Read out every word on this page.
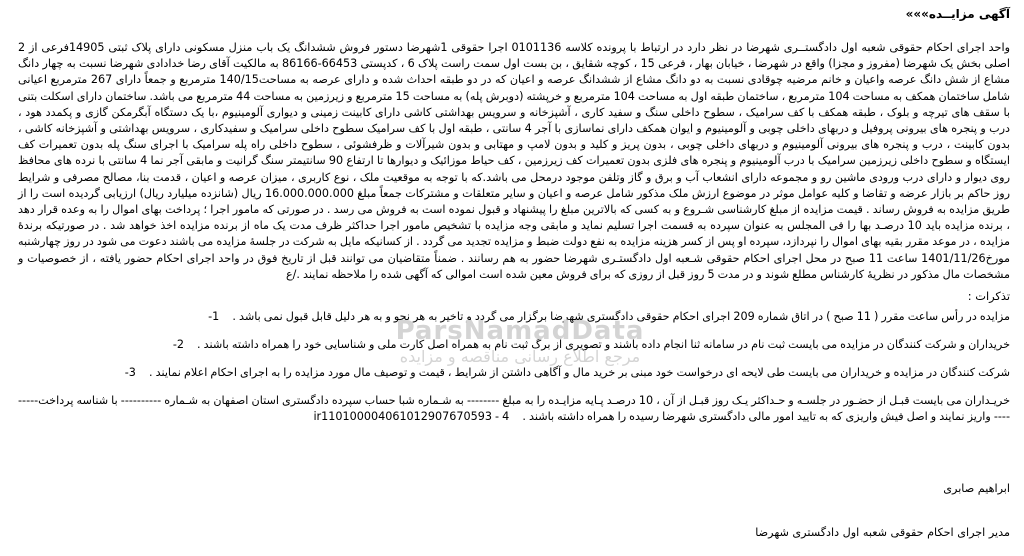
آگهی مزایــده»»»
واحد اجرای احکام حقوقی شعبه اول دادگستــری شهرضا در نظر دارد در ارتباط با پرونده کلاسه 0101136 اجرا حقوقی 1شهرضا دستور فروش ششدانگ یک باب منزل مسکونی دارای پلاک ثبتی 14905فرعی از 2 اصلی بخش یک شهرضا (مفروز و مجزا) واقع در شهرضا ، خیابان بهار ، فرعی 15 ، کوچه شقایق ، بن بست اول سمت راست پلاک 6 ، کدپستی 66453-86166 به مالکیت آقای رضا خدادادی شهرضا نسبت به چهار دانگ مشاع از شش دانگ عرصه واعیان و خانم مرضیه چوقادی نسبت به دو دانگ مشاع از ششدانگ عرصه و اعیان که در دو طبقه احداث شده و دارای عرصه به مساحت140/15 مترمربع و جمعاً دارای 267 مترمربع اعیانی شامل ساختمان همکف به مساحت 104 مترمربع ، ساختمان طبقه اول به مساحت 104 مترمربع و خرپشته (دوبرش پله) به مساحت 15 مترمربع و زیرزمین به مساحت 44 مترمربع می باشد. ساختمان دارای اسکلت بتنی با سقف های تیرچه و بلوک ، طبقه همکف با کف سرامیک ، سطوح داخلی سنگ و سفید کاری ، آشپزخانه و سرویس بهداشتی کاشی دارای کابینت زمینی و دیواری آلومینیوم ،با یک دستگاه آبگرمکن گازی و پکمدد هود ، درب و پنجره های بیرونی پروفیل و دربهای داخلی چوبی و آلومینیوم و ایوان همکف دارای نماسازی با آجر 4 سانتی ، طبقه اول با کف سرامیک سطوح داخلی سرامیک و سفیدکاری ، سرویس بهداشتی و آشپزخانه کاشی ، بدون کابینت ، درب و پنجره های بیرونی آلومینیوم و دربهای داخلی چوبی ، بدون پریز و کلید و بدون لامپ و مهتابی و بدون شیرآلات و ظرفشوئی ، سطوح داخلی راه پله سرامیک با اجرای سنگ پله بدون تعمیرات کف ایستگاه و سطوح داخلی زیرزمین سرامیک با درب آلومینیوم و پنجره های فلزی بدون تعمیرات کف زیرزمین ، کف حیاط موزائیک و دیوارها تا ارتفاع 90 سانتیمتر سنگ گرانیت و مابقی آجر نما 4 سانتی با نرده های محافظ روی دیوار و دارای درب ورودی ماشین رو و مجموعه دارای انشعاب آب و برق و گاز وتلفن موجود درمحل می باشد.که با توجه به موقعیت ملک ، نوع کاربری ، میزان عرصه و اعیان ، قدمت بنا، مصالح مصرفی و شرایط روز حاکم بر بازار عرضه و تقاضا و کلیه عوامل موثر در موضوع ارزش ملک مذکور شامل عرصه و اعیان و سایر متعلقات و مشترکات جمعاً مبلغ 16.000.000.000 ریال (شانزده میلیارد ریال) ارزیابی گردیده است را از طریق مزایده به فروش رساند . قیمت مزایده از مبلغ کارشناسی شـروع و به کسی که بالاترین مبلغ را پیشنهاد و قبول نموده است به فروش می رسد . در صورتی که مامور اجرا ؛ پرداخت بهای اموال را به وعده قرار دهد ، برنده مزایده باید 10 درصـد بها را فی المجلس به عنوان سپرده به قسمت اجرا تسلیم نماید و مابقی وجه مزایده با تشخیص مامور اجرا حداکثر ظرف مدت یک ماه از برنده مزایده اخذ خواهد شد . در صورتیکه برندۀ مزایده ، در موعد مقرر بقیه بهای اموال را نپردازد، سپرده او پس از کسر هزینه مزایده به نفع دولت ضبط و مزایده تجدید می گردد . از کسانیکه مایل به شرکت در جلسۀ مزایده می باشند دعوت می شود در روز چهارشنبه مورخ1401/11/26 ساعت 11 صبح در محل اجرای احکام حقوقی شـعبه اول دادگستـری شهرضا حضور به هم رسانند . ضمناً متقاضیان می توانند قبل از تاریخ فوق در واحد اجرای احکام حضور یافته ، از خصوصیات و مشخصات مال مذکور در نظریۀ کارشناس مطلع شوند و در مدت 5 روز قبل از روزی که برای فروش معین شده است اموالی که آگهی شده را ملاحظه نمایند ./ع
تذکرات :
مزایده در رأس ساعت مقرر ( 11 صبح ) در اتاق شماره 209 اجرای احکام حقوقی دادگستری شهرضا برگزار می گردد و تاخیر به هر نحو و به هر دلیل قابل قبول نمی باشد . 1-
خریداران و شرکت کنندگان در مزایده می بایست ثبت نام در سامانه ثنا انجام داده باشند و تصویری از برگ ثبت نام به همراه اصل کارت ملی و شناسایی خود را همراه داشته باشند . 2-
شرکت کنندگان در مزایده و خریداران می بایست طی لایحه ای درخواست خود مبنی بر خرید مال و آگاهی داشتن از شرایط ، قیمت و توصیف مال مورد مزایده را به اجرای احکام اعلام نمایند . 3-
خریـداران می بایست قبـل از حضـور در جلسـه و حـداکثر یـک روز قبـل از آن ، 10 درصـد پـایه مزایـده را به مبلغ -------- به شـماره شبا حساب سپرده دادگستری استان اصفهان به شـماره ---------- با شناسه پرداخت--------- واریز نمایند و اصل فیش واریزی که به تایید امور مالی دادگستری شهرضا رسیده را همراه داشته باشند . 4 - ir110100004061012907670593
ParsNamadData
مرجع اطلاع رسانی مناقصه و مزایده
ابراهیم صابری
مدیر اجرای احکام حقوقی شعبه اول دادگستری شهرضا
